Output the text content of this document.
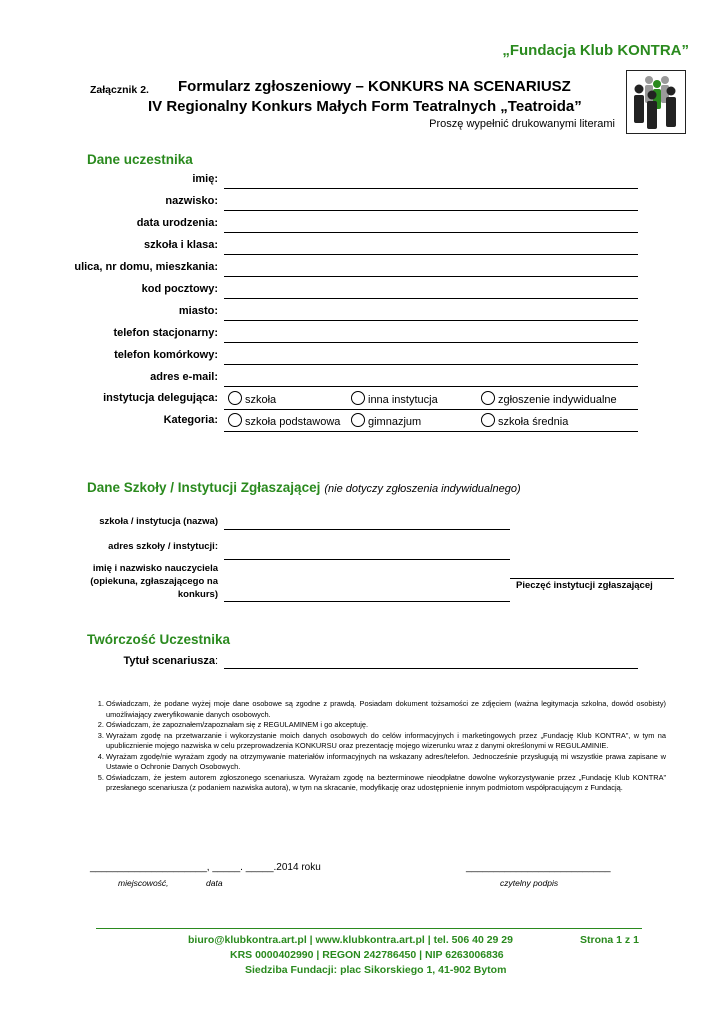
„Fundacja Klub KONTRA”
Załącznik 2. Formularz zgłoszeniowy – KONKURS NA SCENARIUSZ
IV Regionalny Konkurs Małych Form Teatralnych „Teatroida”
Proszę wypełnić drukowanymi literami
Dane uczestnika
imię:
nazwisko:
data urodzenia:
szkoła i klasa:
ulica, nr domu, mieszkania:
kod pocztowy:
miasto:
telefon stacjonarny:
telefon komórkowy:
adres e-mail:
instytucja delegująca:	szkoła	inna instytucja	zgłoszenie indywidualne
Kategoria:	szkoła podstawowa	gimnazjum	szkoła średnia
Dane Szkoły / Instytucji Zgłaszającej (nie dotyczy zgłoszenia indywidualnego)
szkoła / instytucja (nazwa)
adres szkoły / instytucji:
imię i nazwisko nauczyciela
(opiekuna, zgłaszającego na
konkurs)
Pieczęć instytucji zgłaszającej
Twórczość Uczestnika
Tytuł scenariusza:
1. Oświadczam, że podane wyżej moje dane osobowe są zgodne z prawdą. Posiadam dokument tożsamości ze zdjęciem (ważna legitymacja szkolna, dowód osobisty) umożliwiający zweryfikowanie danych osobowych.
2. Oświadczam, że zapoznałem/zapoznałam się z REGULAMINEM i go akceptuję.
3. Wyrażam zgodę na przetwarzanie i wykorzystanie moich danych osobowych do celów informacyjnych i marketingowych przez „Fundację Klub KONTRA”, w tym na upublicznienie mojego nazwiska w celu przeprowadzenia KONKURSU oraz prezentację mojego wizerunku wraz z danymi określonymi w REGULAMINIE.
4. Wyrażam zgodę/nie wyrażam zgody na otrzymywanie materiałów informacyjnych na wskazany adres/telefon. Jednocześnie przysługują mi wszystkie prawa zapisane w Ustawie o Ochronie Danych Osobowych.
5. Oświadczam, że jestem autorem zgłoszonego scenariusza. Wyrażam zgodę na bezterminowe nieodpłatne dowolne wykorzystywanie przez „Fundację Klub KONTRA” przesłanego scenariusza (z podaniem nazwiska autora), w tym na skracanie, modyfikację oraz udostępnienie innym podmiotom współpracującym z Fundacją.
_____________________, _____. _____.2014 roku	__________________________
miejscowość,	data	czytelny podpis
biuro@klubkontra.art.pl | www.klubkontra.art.pl | tel. 506 40 29 29	Strona 1 z 1
KRS 0000402990 | REGON 242786450 | NIP 6263006836
Siedziba Fundacji: plac Sikorskiego 1, 41-902 Bytom
